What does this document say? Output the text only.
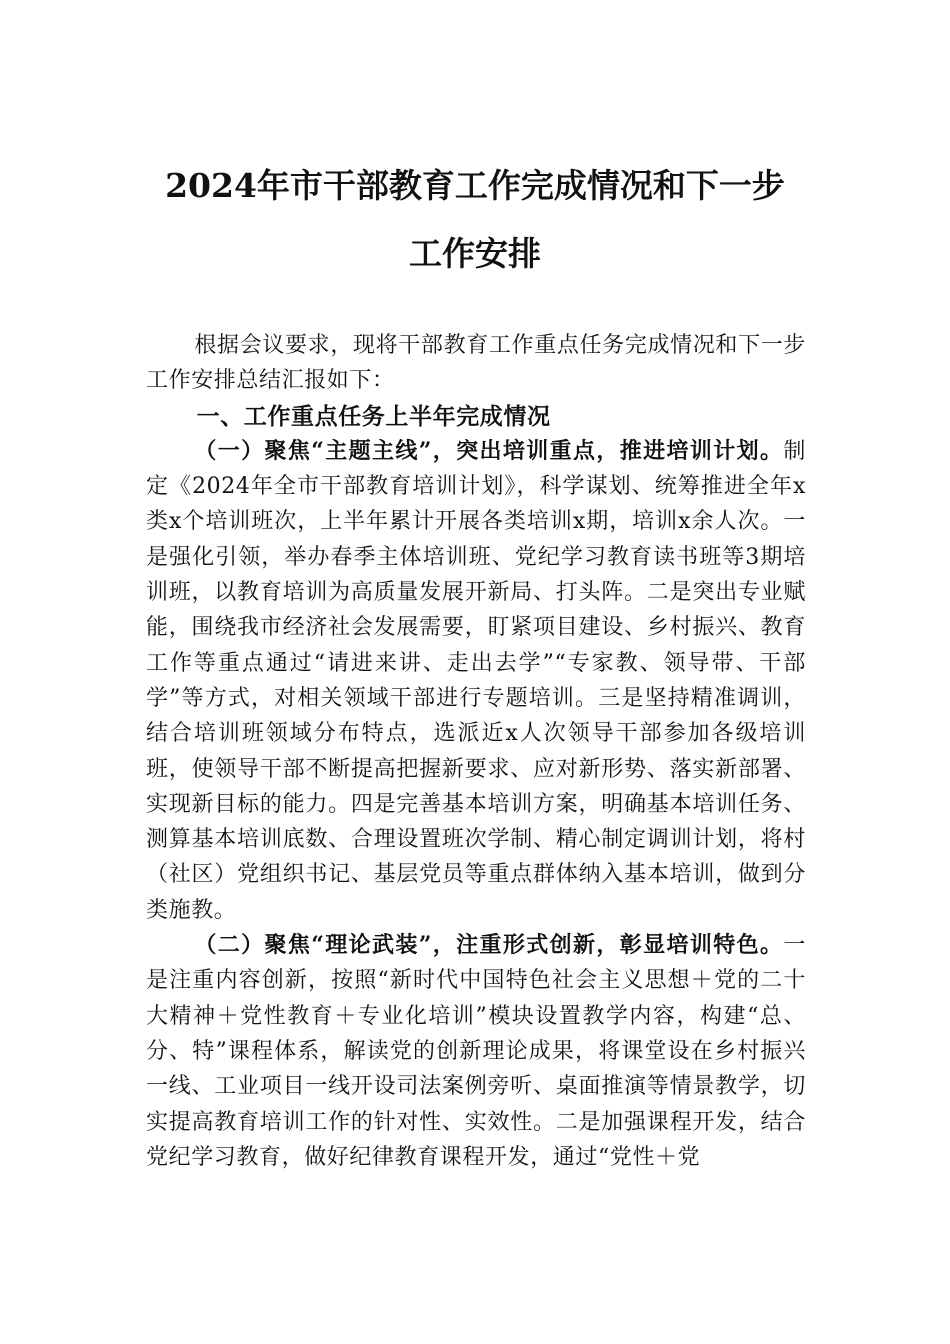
2024年市干部教育工作完成情况和下一步
工作安排

根据会议要求，现将干部教育工作重点任务完成情况和下一步工作安排总结汇报如下：

一、工作重点任务上半年完成情况

（一）聚焦“主题主线”，突出培训重点，推进培训计划。制定《2024年全市干部教育培训计划》，科学谋划、统筹推进全年x类x个培训班次，上半年累计开展各类培训x期，培训x余人次。一是强化引领，举办春季主体培训班、党纪学习教育读书班等3期培训班，以教育培训为高质量发展开新局、打头阵。二是突出专业赋能，围绕我市经济社会发展需要，盯紧项目建设、乡村振兴、教育工作等重点通过“请进来讲、走出去学”“专家教、领导带、干部学”等方式，对相关领域干部进行专题培训。三是坚持精准调训，结合培训班领域分布特点，选派近x人次领导干部参加各级培训班，使领导干部不断提高把握新要求、应对新形势、落实新部署、实现新目标的能力。四是完善基本培训方案，明确基本培训任务、测算基本培训底数、合理设置班次学制、精心制定调训计划，将村（社区）党组织书记、基层党员等重点群体纳入基本培训，做到分类施教。

（二）聚焦“理论武装”，注重形式创新，彰显培训特色。一是注重内容创新，按照“新时代中国特色社会主义思想＋党的二十大精神＋党性教育＋专业化培训”模块设置教学内容，构建“总、分、特”课程体系，解读党的创新理论成果，将课堂设在乡村振兴一线、工业项目一线开设司法案例旁听、桌面推演等情景教学，切实提高教育培训工作的针对性、实效性。二是加强课程开发，结合党纪学习教育，做好纪律教育课程开发，通过“党性＋党
